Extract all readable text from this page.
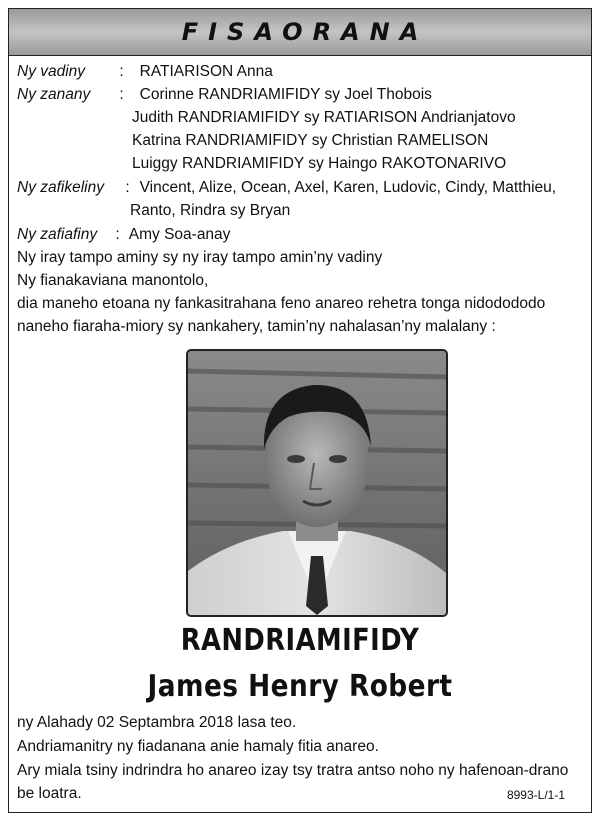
FISAORANA
Ny vadiny : RATIARISON Anna
Ny zanany : Corinne RANDRIAMIFIDY sy Joel Thobois
Judith RANDRIAMIFIDY sy RATIARISON Andrianjatovo
Katrina RANDRIAMIFIDY sy Christian RAMELISON
Luiggy RANDRIAMIFIDY sy Haingo RAKOTONARIVO
Ny zafikeliny : Vincent, Alize, Ocean, Axel, Karen, Ludovic, Cindy, Matthieu,
Ranto, Rindra sy Bryan
Ny zafiafiny : Amy Soa-anay
Ny iray tampo aminy sy ny iray tampo amin’ny vadiny
Ny fianakaviana manontolo,
dia maneho etoana ny fankasitrahana feno anareo rehetra tonga nidodododo naneho fiaraha-miory sy nankahery, tamin’ny nahalasan’ny malalany :
RANDRIAMIFIDY
James Henry Robert
ny Alahady 02 Septambra 2018 lasa teo.
Andriamanitry ny fiadanana anie hamaly fitia anareo.
Ary miala tsiny indrindra ho anareo izay tsy tratra antso noho ny hafenoan-drano be loatra.	8993-L/1-1
